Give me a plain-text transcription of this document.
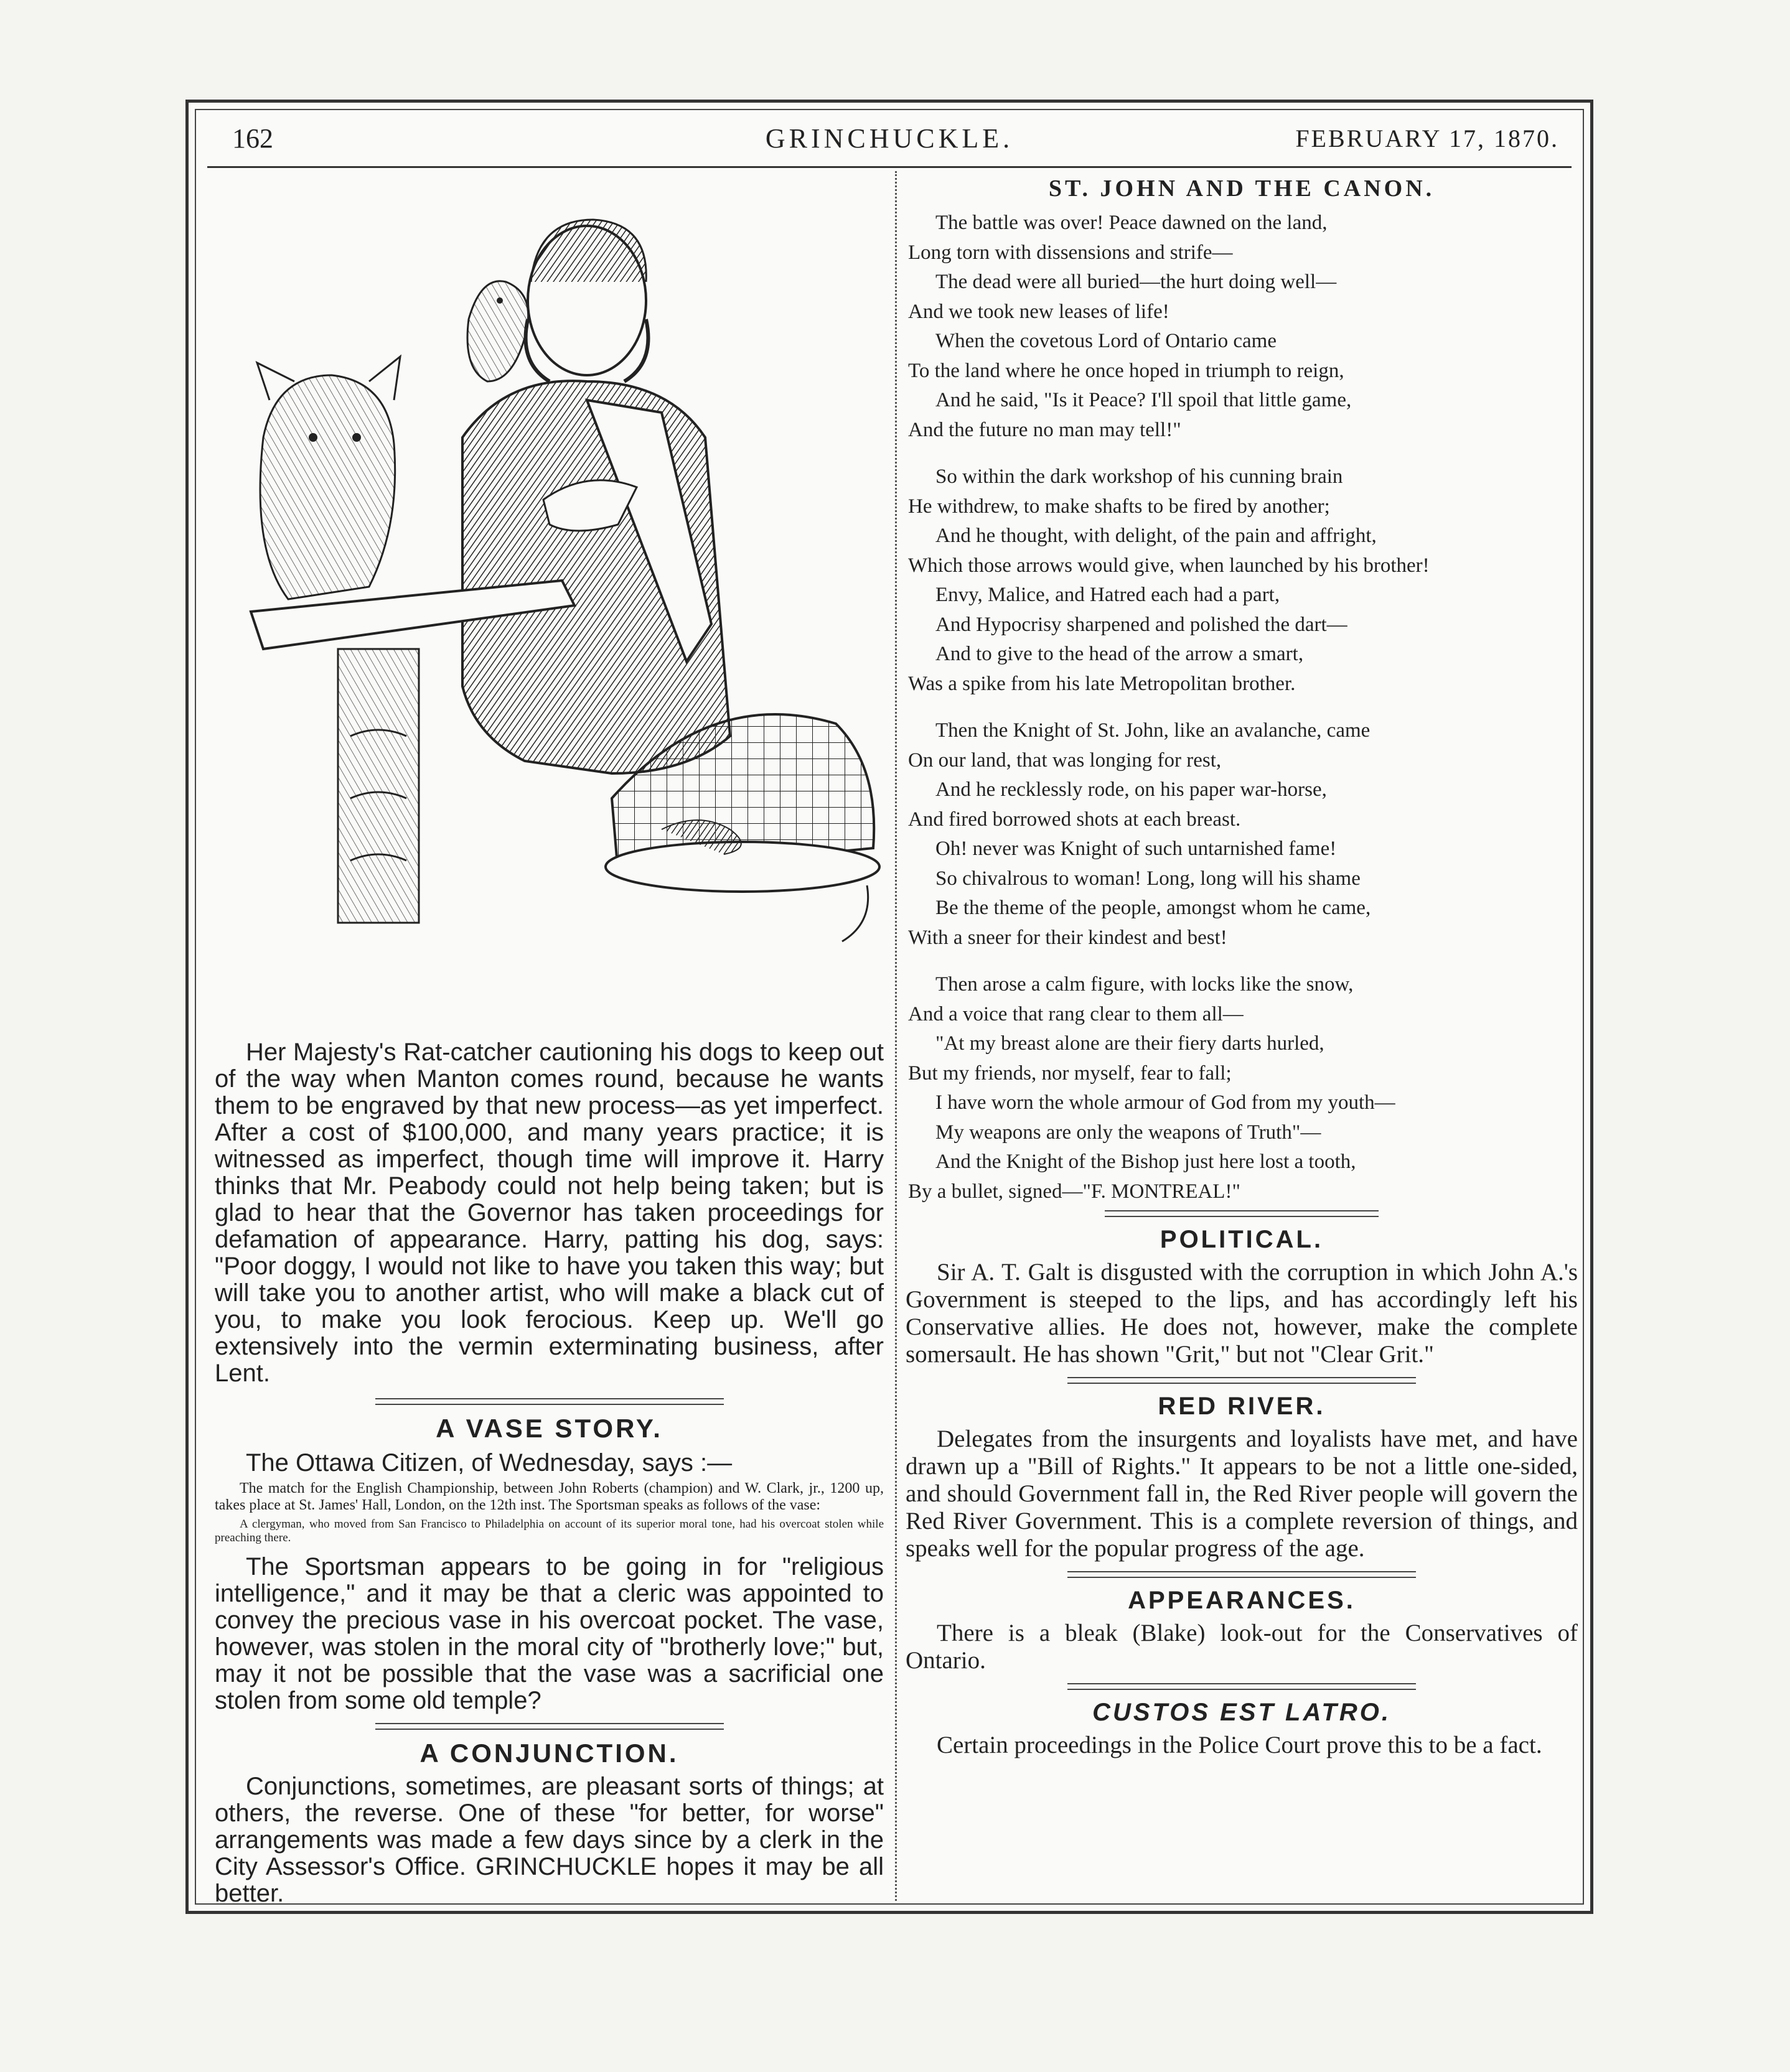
162	GRINCHUCKLE.	FEBRUARY 17, 1870.

Her Majesty's Rat-catcher cautioning his dogs to keep out of the way when Manton comes round, because he wants them to be engraved by that new process—as yet imperfect. After a cost of $100,000, and many years practice; it is witnessed as imperfect, though time will improve it. Harry thinks that Mr. Peabody could not help being taken; but is glad to hear that the Governor has taken proceedings for defamation of appearance. Harry, patting his dog, says: "Poor doggy, I would not like to have you taken this way; but will take you to another artist, who will make a black cut of you, to make you look ferocious. Keep up. We'll go extensively into the vermin exterminating business, after Lent.

A VASE STORY.

The Ottawa Citizen, of Wednesday, says :—

The match for the English Championship, between John Roberts (champion) and W. Clark, jr., 1200 up, takes place at St. James' Hall, London, on the 12th inst. The Sportsman speaks as follows of the vase:

A clergyman, who moved from San Francisco to Philadelphia on account of its superior moral tone, had his overcoat stolen while preaching there.

The Sportsman appears to be going in for "religious intelligence," and it may be that a cleric was appointed to convey the precious vase in his overcoat pocket. The vase, however, was stolen in the moral city of "brotherly love;" but, may it not be possible that the vase was a sacrificial one stolen from some old temple?

A CONJUNCTION.

Conjunctions, sometimes, are pleasant sorts of things; at others, the reverse. One of these "for better, for worse" arrangements was made a few days since by a clerk in the City Assessor's Office. GRINCHUCKLE hopes it may be all better.

ST. JOHN AND THE CANON.

The battle was over! Peace dawned on the land,

Long torn with dissensions and strife—

The dead were all buried—the hurt doing well—

And we took new leases of life!

When the covetous Lord of Ontario came

To the land where he once hoped in triumph to reign,

And he said, "Is it Peace? I'll spoil that little game,

And the future no man may tell!"

So within the dark workshop of his cunning brain

He withdrew, to make shafts to be fired by another;

And he thought, with delight, of the pain and affright,

Which those arrows would give, when launched by his brother!

Envy, Malice, and Hatred each had a part,

And Hypocrisy sharpened and polished the dart—

And to give to the head of the arrow a smart,

Was a spike from his late Metropolitan brother.

Then the Knight of St. John, like an avalanche, came

On our land, that was longing for rest,

And he recklessly rode, on his paper war-horse,

And fired borrowed shots at each breast.

Oh! never was Knight of such untarnished fame!

So chivalrous to woman! Long, long will his shame

Be the theme of the people, amongst whom he came,

With a sneer for their kindest and best!

Then arose a calm figure, with locks like the snow,

And a voice that rang clear to them all—

"At my breast alone are their fiery darts hurled,

But my friends, nor myself, fear to fall;

I have worn the whole armour of God from my youth—

My weapons are only the weapons of Truth"—

And the Knight of the Bishop just here lost a tooth,

By a bullet, signed—"F. MONTREAL!"

POLITICAL.

Sir A. T. Galt is disgusted with the corruption in which John A.'s Government is steeped to the lips, and has accordingly left his Conservative allies. He does not, however, make the complete somersault. He has shown "Grit," but not "Clear Grit."

RED RIVER.

Delegates from the insurgents and loyalists have met, and have drawn up a "Bill of Rights." It appears to be not a little one-sided, and should Government fall in, the Red River people will govern the Red River Government. This is a complete reversion of things, and speaks well for the popular progress of the age.

APPEARANCES.

There is a bleak (Blake) look-out for the Conservatives of Ontario.

CUSTOS EST LATRO.

Certain proceedings in the Police Court prove this to be a fact.
